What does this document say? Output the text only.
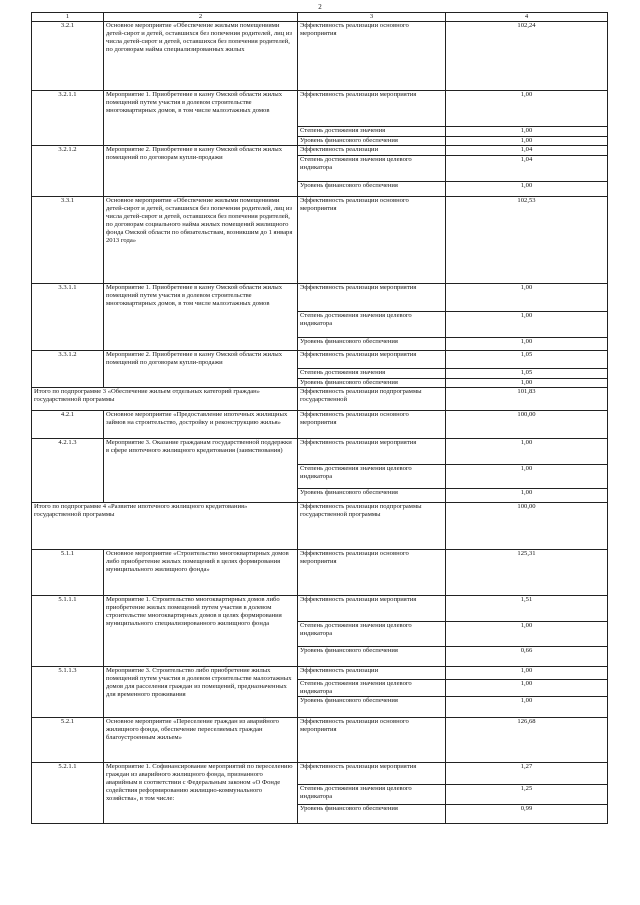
2
1	2	3	4
3.2.1	Основное мероприятие «Обеспечение жилыми помещениями детей-сирот и детей, оставшихся без попечения родителей, лиц из числа детей-сирот и детей, оставшихся без попечения родителей, по договорам найма специализированных жилых	Эффективность реализации основного мероприятия	102,24
3.2.1.1	Мероприятие 1. Приобретение в казну Омской области жилых помещений путем участия в долевом строительстве многоквартирных домов, в том числе малоэтажных домов	Эффективность реализации мероприятия	1,00
		Степень достижения значения	1,00
		Уровень финансового обеспечения	1,00
3.2.1.2	Мероприятие 2. Приобретение в казну Омской области жилых помещений по договорам купли-продажи	Эффективность реализации	1,04
		Степень достижения значения целевого индикатора	1,04
		Уровень финансового обеспечения	1,00
3.3.1	Основное мероприятие «Обеспечение жилыми помещениями детей-сирот и детей, оставшихся без попечения родителей, лиц из числа детей-сирот и детей, оставшихся без попечения родителей, по договорам социального найма жилых помещений жилищного фонда Омской области по обязательствам, возникшим до 1 января 2013 года»	Эффективность реализации основного мероприятия	102,53
3.3.1.1	Мероприятие 1. Приобретение в казну Омской области жилых помещений путем участия в долевом строительстве многоквартирных домов, в том числе малоэтажных домов	Эффективность реализации мероприятия	1,00
		Степень достижения значения целевого индикатора	1,00
		Уровень финансового обеспечения	1,00
3.3.1.2	Мероприятие 2. Приобретение в казну Омской области жилых помещений по договорам купли-продажи	Эффективность реализации мероприятия	1,05
		Степень достижения значения	1,05
		Уровень финансового обеспечения	1,00
Итого по подпрограмме 3 «Обеспечение жильем отдельных категорий граждан» государственной программы		Эффективность реализации подпрограммы государственной	101,83
4.2.1	Основное мероприятие «Предоставление ипотечных жилищных займов на строительство, достройку и реконструкцию жилья»	Эффективность реализации основного мероприятия	100,00
4.2.1.3	Мероприятие 3. Оказание гражданам государственной поддержки в сфере ипотечного жилищного кредитования (заимствования)	Эффективность реализации мероприятия	1,00
		Степень достижения значения целевого индикатора	1,00
		Уровень финансового обеспечения	1,00
Итого по подпрограмме 4 «Развитие ипотечного жилищного кредитования» государственной программы		Эффективность реализации подпрограммы государственной программы	100,00
5.1.1	Основное мероприятие «Строительство многоквартирных домов либо приобретение жилых помещений в целях формирования муниципального жилищного фонда»	Эффективность реализации основного мероприятия	125,31
5.1.1.1	Мероприятие 1. Строительство многоквартирных домов либо приобретение жилых помещений путем участия в долевом строительстве многоквартирных домов в целях формирования муниципального специализированного жилищного фонда	Эффективность реализации мероприятия	1,51
		Степень достижения значения целевого индикатора	1,00
		Уровень финансового обеспечения	0,66
5.1.1.3	Мероприятие 3. Строительство либо приобретение жилых помещений путем участия в долевом строительстве малоэтажных домов для расселения граждан из помещений, предназначенных для временного проживания	Эффективность реализации	1,00
		Степень достижения значения целевого индикатора	1,00
		Уровень финансового обеспечения	1,00
5.2.1	Основное мероприятие «Переселение граждан из аварийного жилищного фонда, обеспечение переселяемых граждан благоустроенным жильем»	Эффективность реализации основного мероприятия	126,68
5.2.1.1	Мероприятие 1. Софинансирование мероприятий по переселению граждан из аварийного жилищного фонда, признанного аварийным в соответствии с Федеральным законом «О Фонде содействия реформированию жилищно-коммунального хозяйства», в том числе:	Эффективность реализации мероприятия	1,27
		Степень достижения значения целевого индикатора	1,25
		Уровень финансового обеспечения	0,99
